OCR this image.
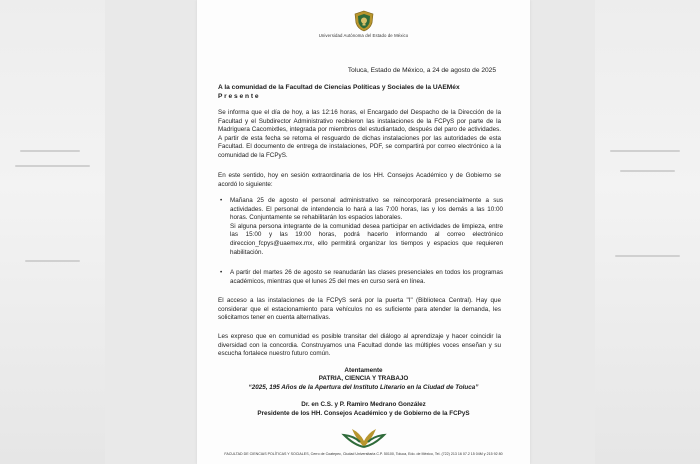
Universidad Autónoma del Estado de México
Toluca, Estado de México, a 24 de agosto de 2025
A la comunidad de la Facultad de Ciencias Políticas y Sociales de la UAEMéx
P r e s e n t e
Se informa que el día de hoy, a las 12:16 horas, el Encargado del Despacho de la Dirección de la Facultad y el Subdirector Administrativo recibieron las instalaciones de la FCPyS por parte de la Madriguera Cacomixtles, integrada por miembros del estudiantado, después del paro de actividades. A partir de esta fecha se retoma el resguardo de dichas instalaciones por las autoridades de esta Facultad. El documento de entrega de instalaciones, PDF, se compartirá por correo electrónico a la comunidad de la FCPyS.
En este sentido, hoy en sesión extraordinaria de los HH. Consejos Académico y de Gobierno se acordó lo siguiente:
• Mañana 25 de agosto el personal administrativo se reincorporará presencialmente a sus actividades. El personal de intendencia lo hará a las 7:00 horas, las y los demás a las 10:00 horas. Conjuntamente se rehabilitarán los espacios laborales.
Si alguna persona integrante de la comunidad desea participar en actividades de limpieza, entre las 15:00 y las 19:00 horas, podrá hacerlo informando al correo electrónico direccion_fcpys@uaemex.mx, ello permitirá organizar los tiempos y espacios que requieren habilitación.
• A partir del martes 26 de agosto se reanudarán las clases presenciales en todos los programas académicos, mientras que el lunes 25 del mes en curso será en línea.
El acceso a las instalaciones de la FCPyS será por la puerta "I" (Biblioteca Central). Hay que considerar que el estacionamiento para vehículos no es suficiente para atender la demanda, les solicitamos tener en cuenta alternativas.
Les expreso que en comunidad es posible transitar del diálogo al aprendizaje y hacer coincidir la diversidad con la concordia. Construyamos una Facultad donde las múltiples voces enseñan y su escucha fortalece nuestro futuro común.
Atentamente
PATRIA, CIENCIA Y TRABAJO
“2025, 195 Años de la Apertura del Instituto Literario en la Ciudad de Toluca”
Dr. en C.S. y P. Ramiro Medrano González
Presidente de los HH. Consejos Académico y de Gobierno de la FCPyS
FACULTAD DE CIENCIAS POLÍTICAS Y SOCIALES, Cerro de Coatepec, Ciudad Universitaria C.P. 50100, Toluca, Edo. de México, Tel. (722) 213 16 07.2 15 04M y 215 92 80
